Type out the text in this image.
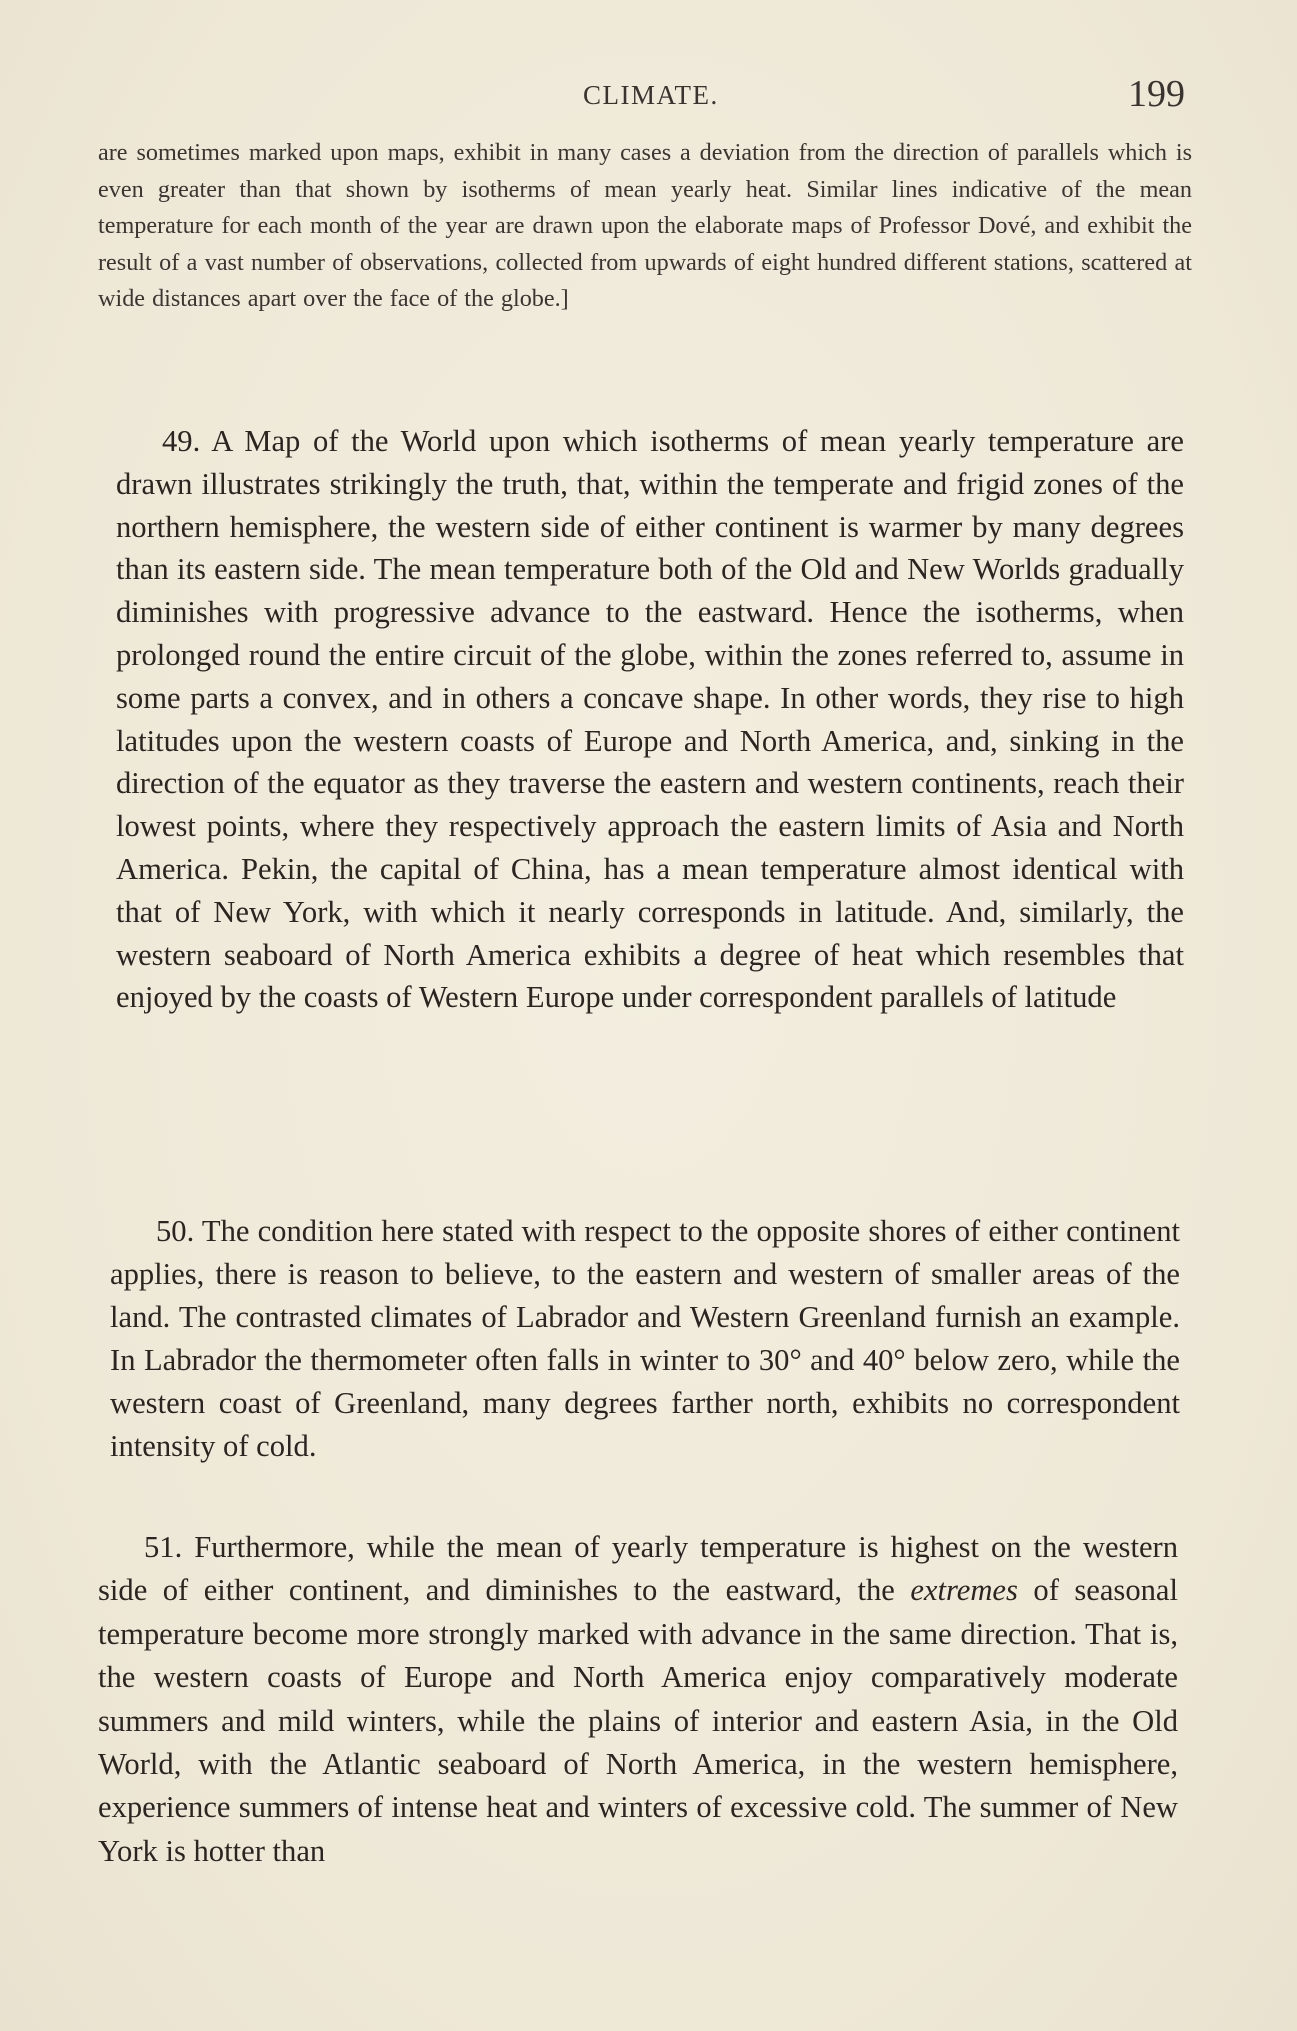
CLIMATE.	199

are sometimes marked upon maps, exhibit in many cases a deviation from the direction of parallels which is even greater than that shown by isotherms of mean yearly heat. Similar lines indicative of the mean temperature for each month of the year are drawn upon the elaborate maps of Professor Dové, and exhibit the result of a vast number of observations, collected from upwards of eight hundred different stations, scattered at wide distances apart over the face of the globe.]

49. A Map of the World upon which isotherms of mean yearly temperature are drawn illustrates strikingly the truth, that, within the temperate and frigid zones of the northern hemisphere, the western side of either continent is warmer by many degrees than its eastern side. The mean temperature both of the Old and New Worlds gradually diminishes with progressive advance to the eastward. Hence the isotherms, when prolonged round the entire circuit of the globe, within the zones referred to, assume in some parts a convex, and in others a concave shape. In other words, they rise to high latitudes upon the western coasts of Europe and North America, and, sinking in the direction of the equator as they traverse the eastern and western continents, reach their lowest points, where they respectively approach the eastern limits of Asia and North America. Pekin, the capital of China, has a mean temperature almost identical with that of New York, with which it nearly corresponds in latitude. And, similarly, the western seaboard of North America exhibits a degree of heat which resembles that enjoyed by the coasts of Western Europe under correspondent parallels of latitude

50. The condition here stated with respect to the opposite shores of either continent applies, there is reason to believe, to the eastern and western of smaller areas of the land. The contrasted climates of Labrador and Western Greenland furnish an example. In Labrador the thermometer often falls in winter to 30° and 40° below zero, while the western coast of Greenland, many degrees farther north, exhibits no correspondent intensity of cold.

51. Furthermore, while the mean of yearly temperature is highest on the western side of either continent, and diminishes to the eastward, the extremes of seasonal temperature become more strongly marked with advance in the same direction. That is, the western coasts of Europe and North America enjoy comparatively moderate summers and mild winters, while the plains of interior and eastern Asia, in the Old World, with the Atlantic seaboard of North America, in the western hemisphere, experience summers of intense heat and winters of excessive cold. The summer of New York is hotter than
